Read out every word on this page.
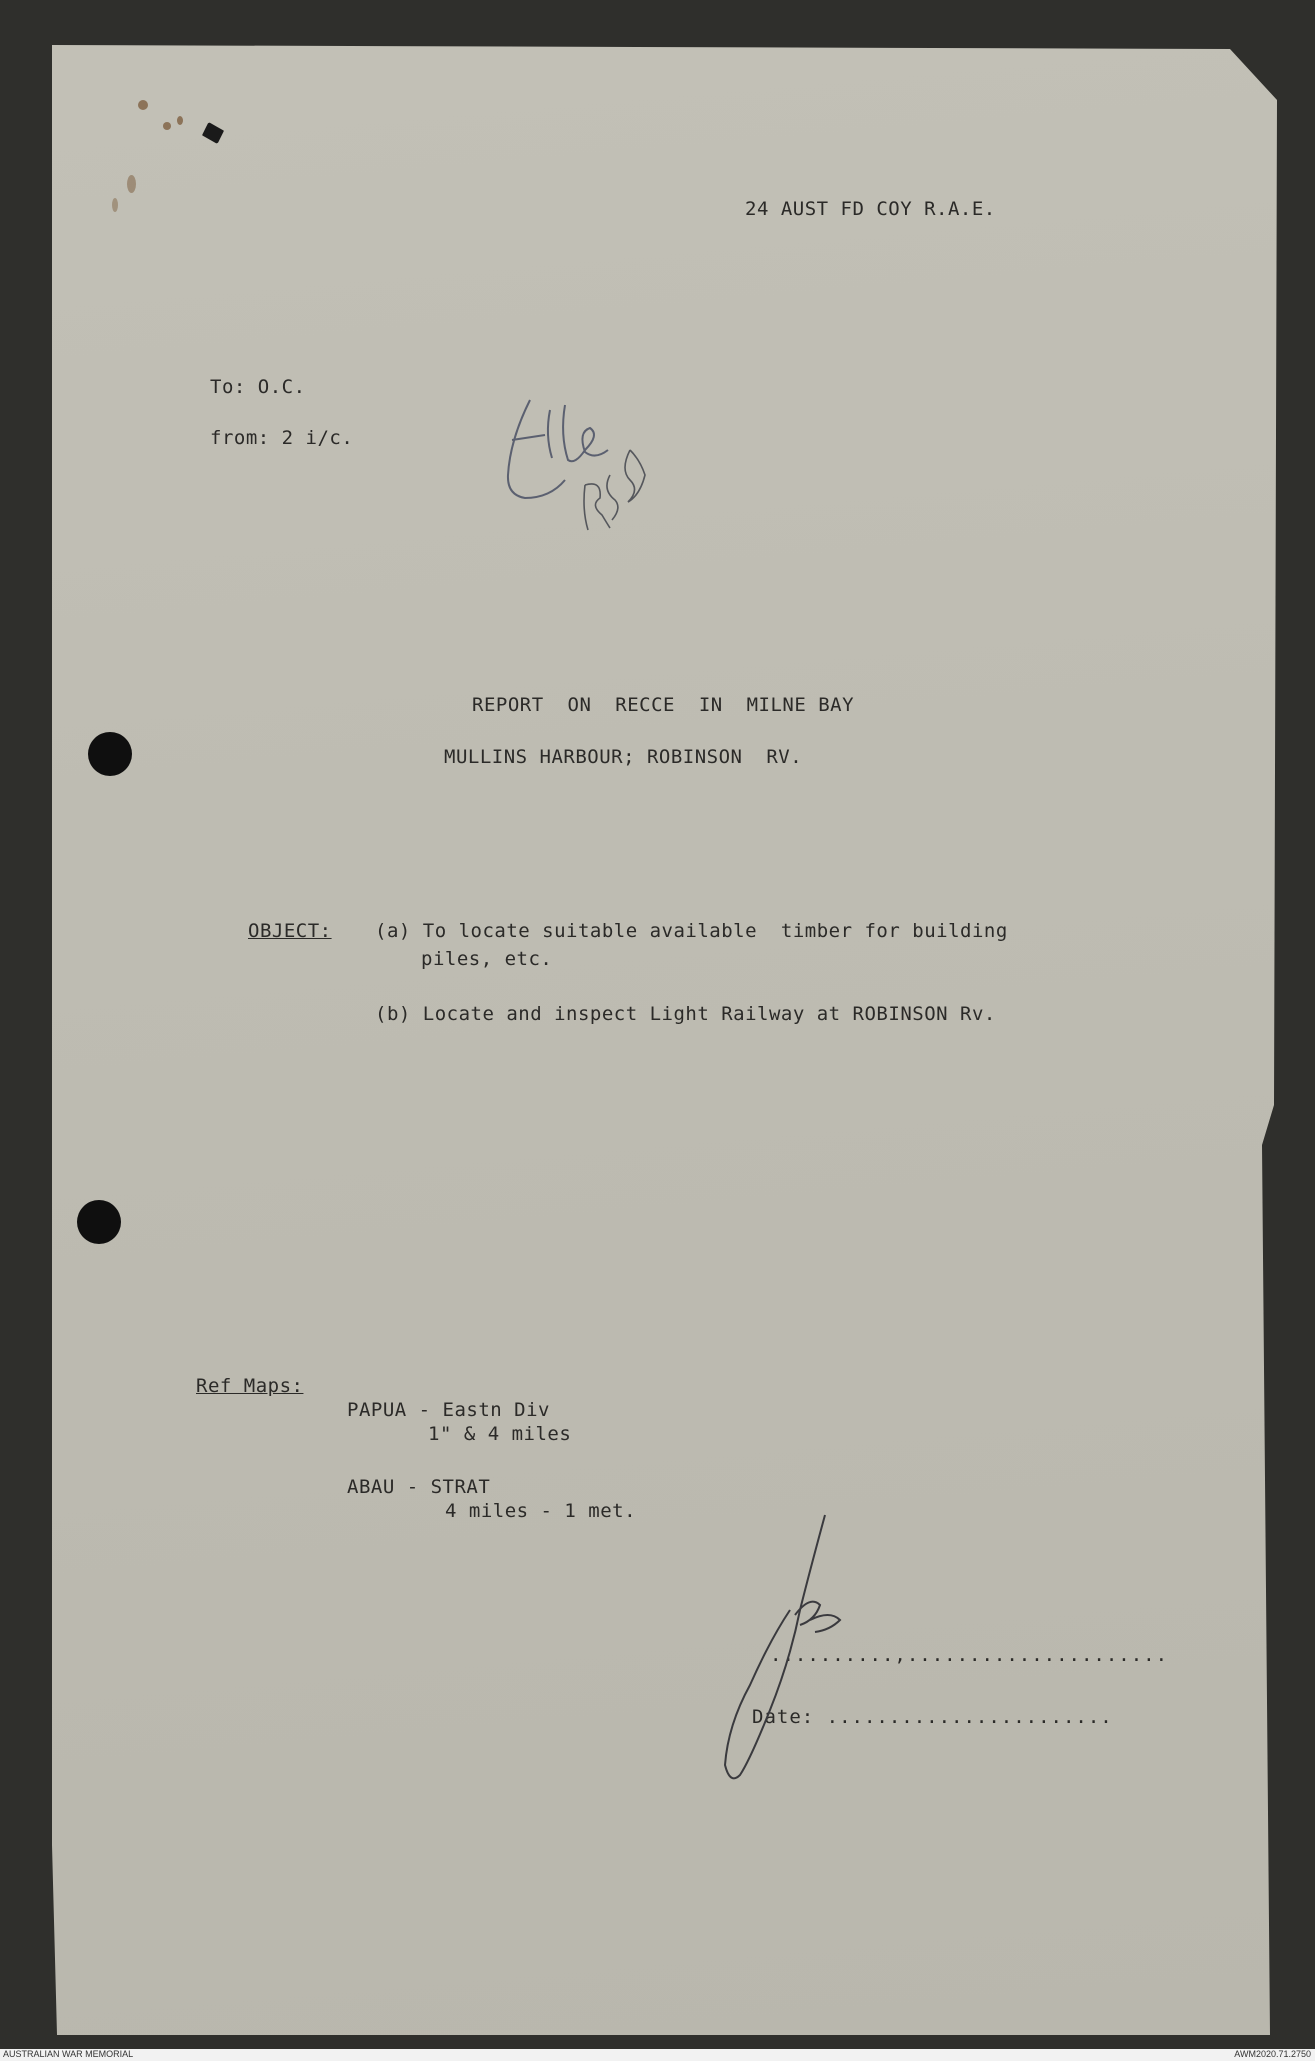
24 AUST FD COY R.A.E.
To: O.C.
from: 2 i/c.
REPORT  ON  RECCE  IN  MILNE BAY
MULLINS HARBOUR; ROBINSON  RV.
OBJECT: (a) To locate suitable available  timber for building
piles, etc.
(b) Locate and inspect Light Railway at ROBINSON Rv.
Ref Maps:
PAPUA - Eastn Div
1" & 4 miles
ABAU - STRAT
4 miles - 1 met.
..........,.....................
Date: .......................
AUSTRALIAN WAR MEMORIAL	AWM2020.71.2750
